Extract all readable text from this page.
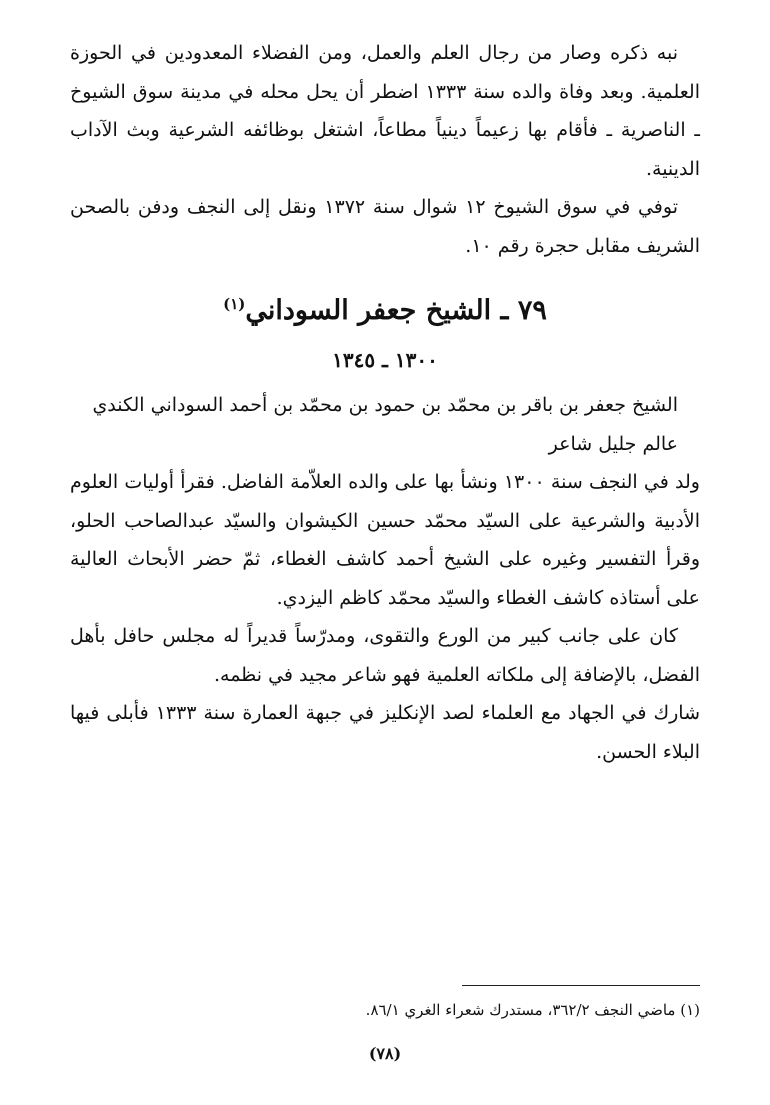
نبه ذكره وصار من رجال العلم والعمل، ومن الفضلاء المعدودين في الحوزة العلمية. وبعد وفاة والده سنة ١٣٣٣ اضطر أن يحل محله في مدينة سوق الشيوخ ـ الناصرية ـ فأقام بها زعيماً دينياً مطاعاً، اشتغل بوظائفه الشرعية وبث الآداب الدينية.

توفي في سوق الشيوخ ١٢ شوال سنة ١٣٧٢ ونقل إلى النجف ودفن بالصحن الشريف مقابل حجرة رقم ١٠.

٧٩ ـ الشيخ جعفر السوداني$^{(١)}$
١٣٠٠ ـ ١٣٤٥

الشيخ جعفر بن باقر بن محمّد بن حمود بن محمّد بن أحمد السوداني الكندي

عالم جليل شاعر

ولد في النجف سنة ١٣٠٠ ونشأ بها على والده العلاّمة الفاضل. فقرأ أوليات العلوم الأدبية والشرعية على السيّد محمّد حسين الكيشوان والسيّد عبدالصاحب الحلو، وقرأ التفسير وغيره على الشيخ أحمد كاشف الغطاء، ثمّ حضر الأبحاث العالية على أستاذه كاشف الغطاء والسيّد محمّد كاظم اليزدي.

كان على جانب كبير من الورع والتقوى، ومدرّساً قديراً له مجلس حافل بأهل الفضل، بالإضافة إلى ملكاته العلمية فهو شاعر مجيد في نظمه.

شارك في الجهاد مع العلماء لصد الإنكليز في جبهة العمارة سنة ١٣٣٣ فأبلى فيها البلاء الحسن.

(١) ماضي النجف ٣٦٢/٢، مستدرك شعراء الغري ٨٦/١.
(٧٨)
